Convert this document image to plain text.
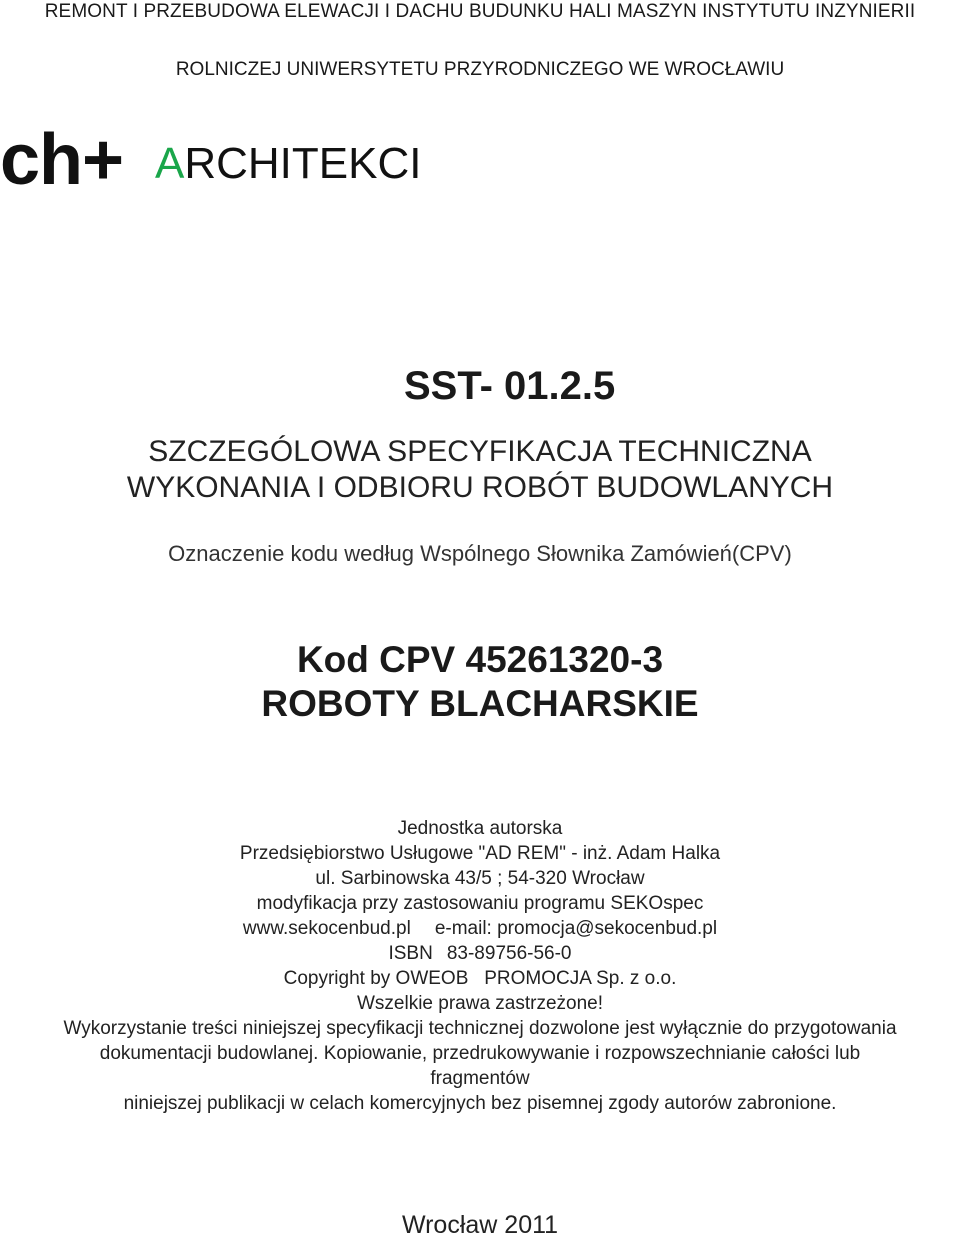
REMONT I PRZEBUDOWA ELEWACJI I DACHU BUDUNKU HALI MASZYN INSTYTUTU INZYNIERII
ROLNICZEJ UNIWERSYTETU PRZYRODNICZEGO WE WROCŁAWIU
ch+ ARCHITEKCI
SST- 01.2.5
SZCZEGÓLOWA SPECYFIKACJA TECHNICZNA
WYKONANIA I ODBIORU ROBÓT BUDOWLANYCH
Oznaczenie kodu według Wspólnego Słownika Zamówień(CPV)
Kod CPV 45261320-3
ROBOTY BLACHARSKIE
Jednostka autorska
Przedsiębiorstwo Usługowe "AD REM" - inż. Adam Halka
ul. Sarbinowska 43/5 ; 54-320 Wrocław
modyfikacja przy zastosowaniu programu SEKOspec
www.sekocenbud.pl e-mail: promocja@sekocenbud.pl
ISBN 83-89756-56-0
Copyright by OWEOB   PROMOCJA Sp. z o.o.
Wszelkie prawa zastrzeżone!
Wykorzystanie treści niniejszej specyfikacji technicznej dozwolone jest wyłącznie do przygotowania
dokumentacji budowlanej. Kopiowanie, przedrukowywanie i rozpowszechnianie całości lub
fragmentów
niniejszej publikacji w celach komercyjnych bez pisemnej zgody autorów zabronione.
Wrocław 2011
